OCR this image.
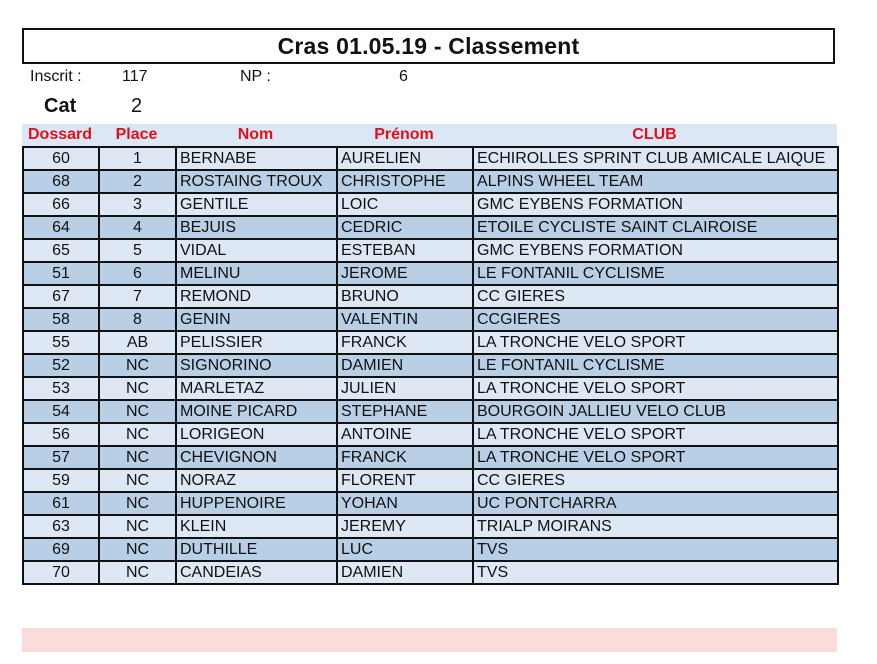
Cras 01.05.19 - Classement
Inscrit :	117	NP :	6
Cat	2
Dossard	Place	Nom	Prénom	CLUB
60	1	BERNABE	AURELIEN	ECHIROLLES SPRINT CLUB AMICALE LAIQUE
68	2	ROSTAING TROUX	CHRISTOPHE	ALPINS WHEEL TEAM
66	3	GENTILE	LOIC	GMC EYBENS FORMATION
64	4	BEJUIS	CEDRIC	ETOILE CYCLISTE SAINT CLAIROISE
65	5	VIDAL	ESTEBAN	GMC EYBENS FORMATION
51	6	MELINU	JEROME	LE FONTANIL CYCLISME
67	7	REMOND	BRUNO	CC GIERES
58	8	GENIN	VALENTIN	CCGIERES
55	AB	PELISSIER	FRANCK	LA TRONCHE VELO SPORT
52	NC	SIGNORINO	DAMIEN	LE FONTANIL CYCLISME
53	NC	MARLETAZ	JULIEN	LA TRONCHE VELO SPORT
54	NC	MOINE PICARD	STEPHANE	BOURGOIN JALLIEU VELO CLUB
56	NC	LORIGEON	ANTOINE	LA TRONCHE VELO SPORT
57	NC	CHEVIGNON	FRANCK	LA TRONCHE VELO SPORT
59	NC	NORAZ	FLORENT	CC GIERES
61	NC	HUPPENOIRE	YOHAN	UC PONTCHARRA
63	NC	KLEIN	JEREMY	TRIALP MOIRANS
69	NC	DUTHILLE	LUC	TVS
70	NC	CANDEIAS	DAMIEN	TVS
